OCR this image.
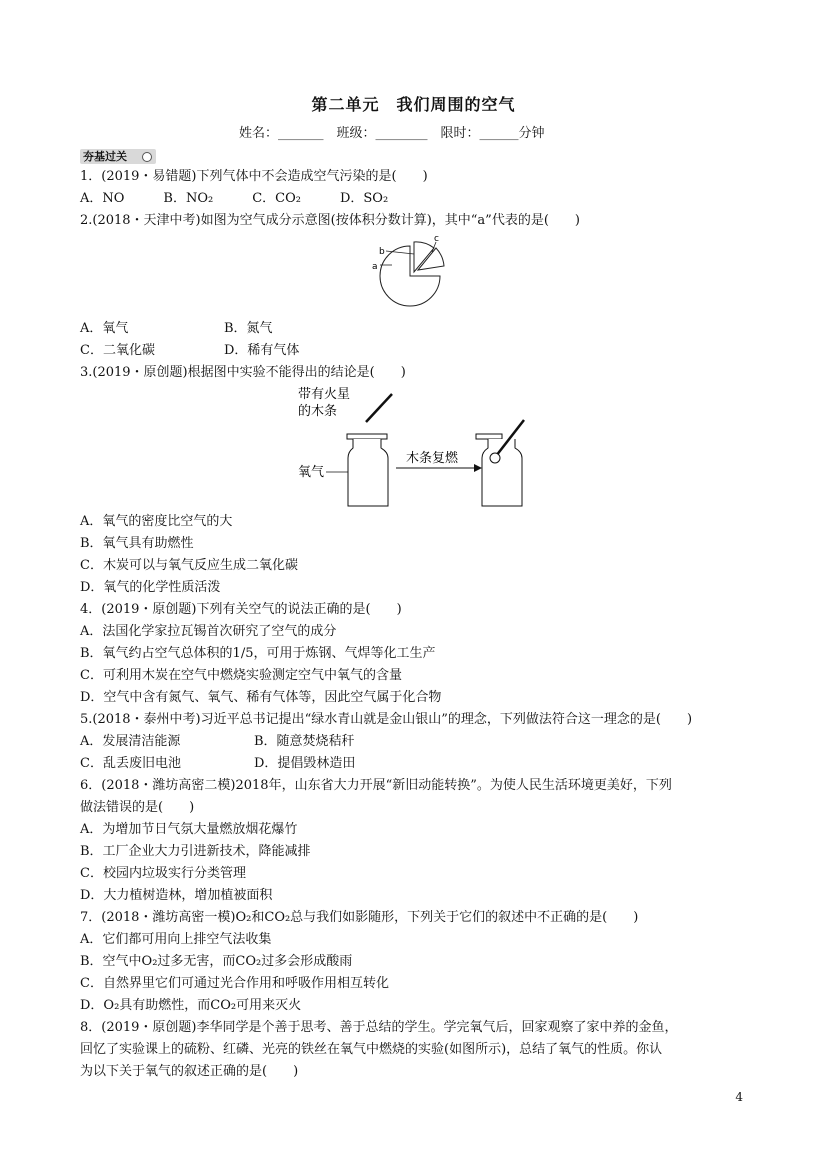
第二单元　我们周围的空气
姓名：_______　班级：________　限时：______分钟
夯基过关
1．(2019・易错题)下列气体中不会造成空气污染的是(　　)
A．NO　　　B．NO₂　　　C．CO₂　　　D．SO₂
2.(2018・天津中考)如图为空气成分示意图(按体积分数计算)，其中“a”代表的是(　　)
a
b
c
A．氧气	B．氮气
C．二氧化碳	D．稀有气体
3.(2019・原创题)根据图中实验不能得出的结论是(　　)
带有火星
的木条
氧气
木条复燃
A．氧气的密度比空气的大
B．氧气具有助燃性
C．木炭可以与氧气反应生成二氧化碳
D．氧气的化学性质活泼
4．(2019・原创题)下列有关空气的说法正确的是(　　)
A．法国化学家拉瓦锡首次研究了空气的成分
B．氧气约占空气总体积的1/5，可用于炼钢、气焊等化工生产
C．可利用木炭在空气中燃烧实验测定空气中氧气的含量
D．空气中含有氮气、氧气、稀有气体等，因此空气属于化合物
5.(2018・泰州中考)习近平总书记提出“绿水青山就是金山银山”的理念，下列做法符合这一理念的是(　　)
A．发展清洁能源	B．随意焚烧秸秆
C．乱丢废旧电池	D．提倡毁林造田
6．(2018・潍坊高密二模)2018年，山东省大力开展“新旧动能转换”。为使人民生活环境更美好，下列
做法错误的是(　　)
A．为增加节日气氛大量燃放烟花爆竹
B．工厂企业大力引进新技术，降能减排
C．校园内垃圾实行分类管理
D．大力植树造林，增加植被面积
7．(2018・潍坊高密一模)O₂和CO₂总与我们如影随形，下列关于它们的叙述中不正确的是(　　)
A．它们都可用向上排空气法收集
B．空气中O₂过多无害，而CO₂过多会形成酸雨
C．自然界里它们可通过光合作用和呼吸作用相互转化
D．O₂具有助燃性，而CO₂可用来灭火
8．(2019・原创题)李华同学是个善于思考、善于总结的学生。学完氧气后，回家观察了家中养的金鱼，
回忆了实验课上的硫粉、红磷、光亮的铁丝在氧气中燃烧的实验(如图所示)，总结了氧气的性质。你认
为以下关于氧气的叙述正确的是(　　)
4
